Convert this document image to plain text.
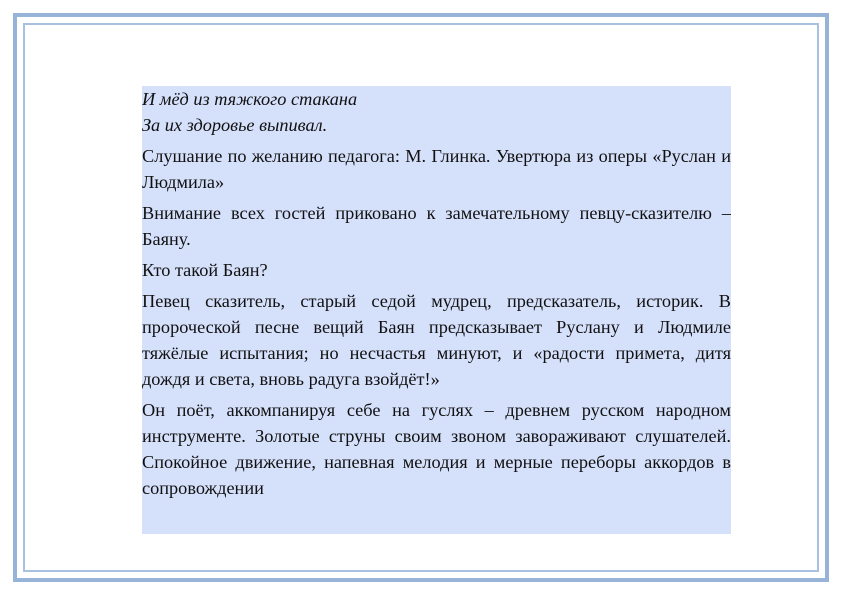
И мёд из тяжкого стакана
За их здоровье выпивал.

Слушание по желанию педагога: М. Глинка. Увертюра из оперы «Руслан и Людмила»

Внимание всех гостей приковано к замечательному певцу-сказителю – Баяну.

Кто такой Баян?

Певец сказитель, старый седой мудрец, предсказатель, историк. В пророческой песне вещий Баян предсказывает Руслану и Людмиле тяжёлые испытания; но несчастья минуют, и «радости примета, дитя дождя и света, вновь радуга взойдёт!»

Он поёт, аккомпанируя себе на гуслях – древнем русском народном инструменте. Золотые струны своим звоном завораживают слушателей. Спокойное движение, напевная мелодия и мерные переборы аккордов в сопровождении
